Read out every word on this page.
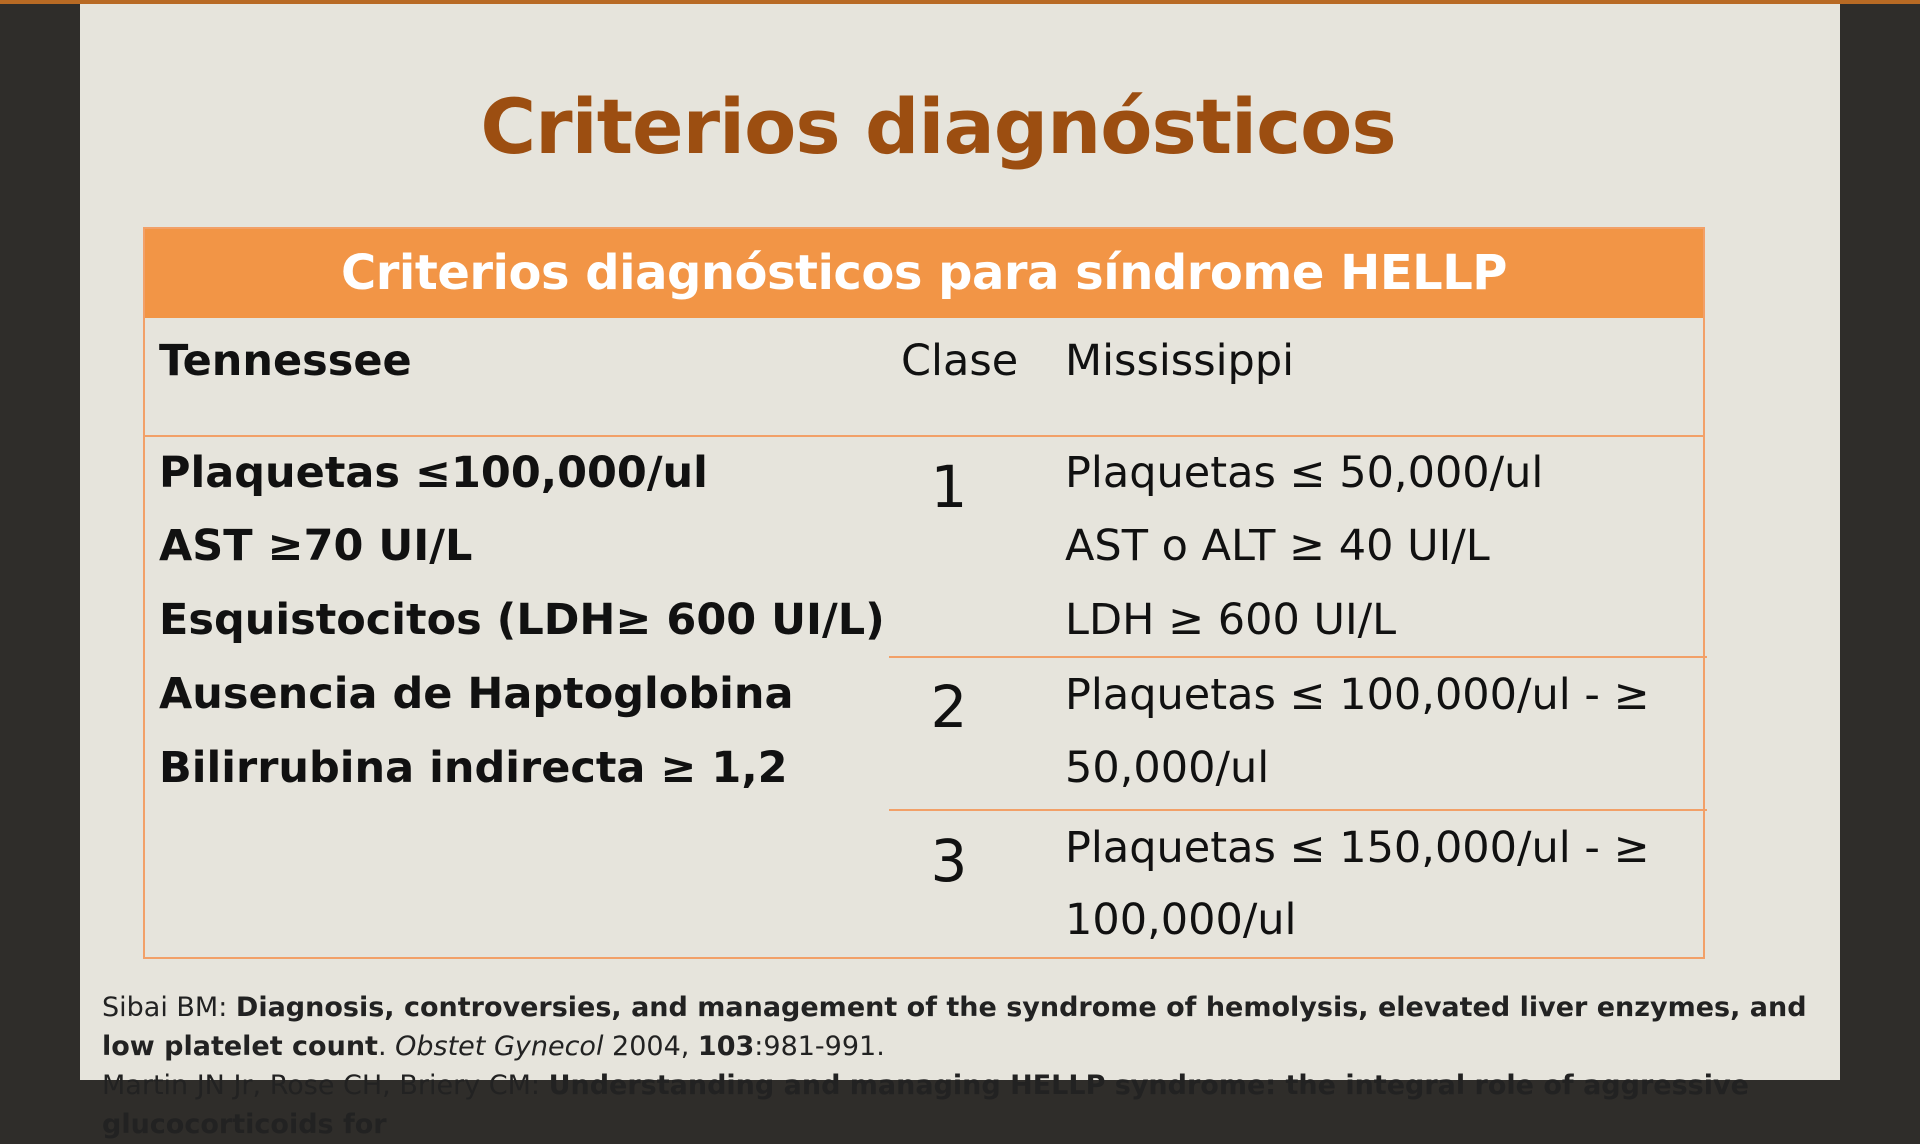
Criterios diagnósticos
Criterios diagnósticos para síndrome HELLP
Tennessee	Clase Mississippi
Plaquetas ≤100,000/ul
AST ≥70 UI/L
Esquistocitos (LDH≥ 600 UI/L)
Ausencia de Haptoglobina
Bilirrubina indirecta ≥ 1,2
1	Plaquetas ≤ 50,000/ul
AST o ALT ≥ 40 UI/L
LDH ≥ 600 UI/L
2	Plaquetas ≤ 100,000/ul - ≥
50,000/ul
3	Plaquetas ≤ 150,000/ul - ≥
100,000/ul

Sibai BM: Diagnosis, controversies, and management of the syndrome of hemolysis, elevated liver enzymes, and low platelet count. Obstet Gynecol 2004, 103:981-991.

Martin JN Jr, Rose CH, Briery CM: Understanding and managing HELLP syndrome: the integral role of aggressive glucocorticoids for
